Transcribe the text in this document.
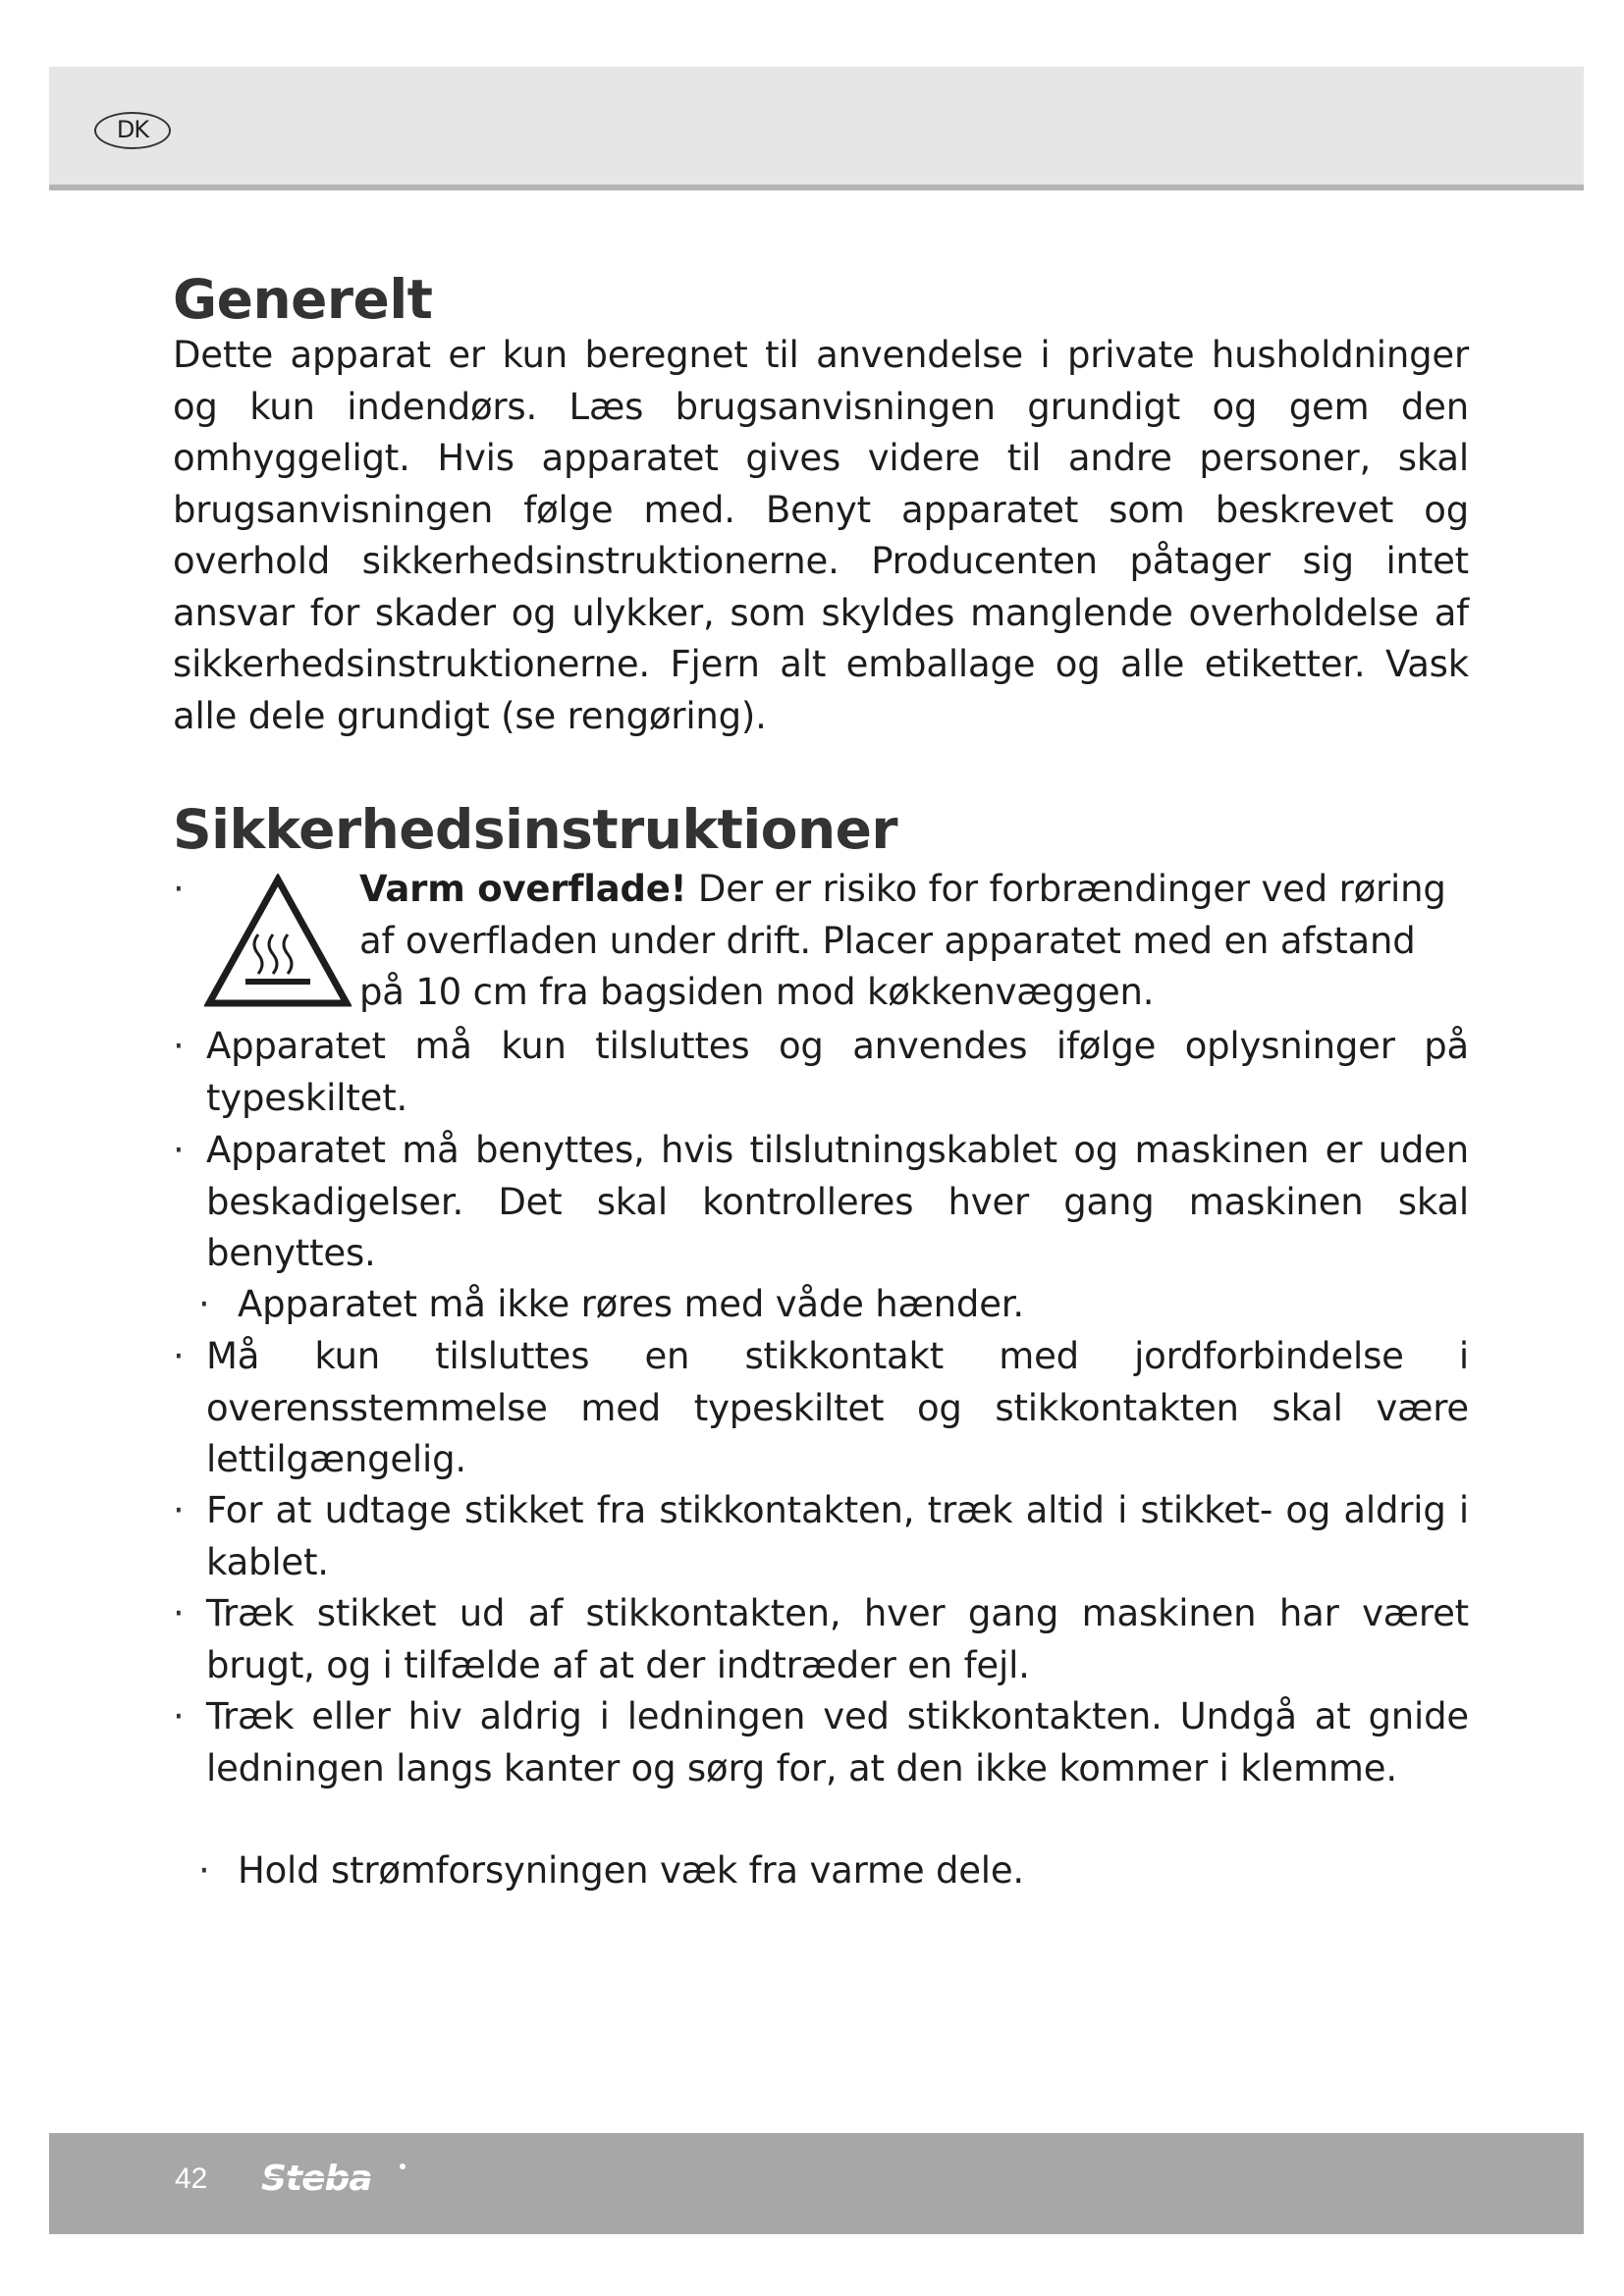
DK
Generelt

Dette apparat er kun beregnet til anvendelse i private husholdninger og kun indendørs. Læs brugsanvisningen grundigt og gem den omhyggeligt. Hvis apparatet gives videre til andre personer, skal brugsanvisningen følge med. Benyt apparatet som beskrevet og overhold sikkerhedsinstruktionerne. Producenten påtager sig intet ansvar for skader og ulykker, som skyldes manglende overholdelse af sikkerhedsinstruktionerne. Fjern alt emballage og alle etiketter. Vask alle dele grundigt (se rengøring).

Sikkerhedsinstruktioner
·	Varm overflade! Der er risiko for forbrændinger ved røring af overfladen under drift. Placer apparatet med en afstand på 10 cm fra bagsiden mod køkkenvæggen.
· Apparatet må kun tilsluttes og anvendes ifølge oplysninger på typeskiltet.
· Apparatet må benyttes, hvis tilslutningskablet og maskinen er uden beskadigelser. Det skal kontrolleres hver gang maskinen skal benyttes.
· Apparatet må ikke røres med våde hænder.
· Må kun tilsluttes en stikkontakt med jordforbindelse i overensstemmelse med typeskiltet og stikkontakten skal være lettilgængelig.
· For at udtage stikket fra stikkontakten, træk altid i stikket- og aldrig i kablet.
· Træk stikket ud af stikkontakten, hver gang maskinen har været brugt, og i tilfælde af at der indtræder en fejl.
· Træk eller hiv aldrig i ledningen ved stikkontakten. Undgå at gnide ledningen langs kanter og sørg for, at den ikke kommer i klemme.
· Hold strømforsyningen væk fra varme dele.
42 Steba
